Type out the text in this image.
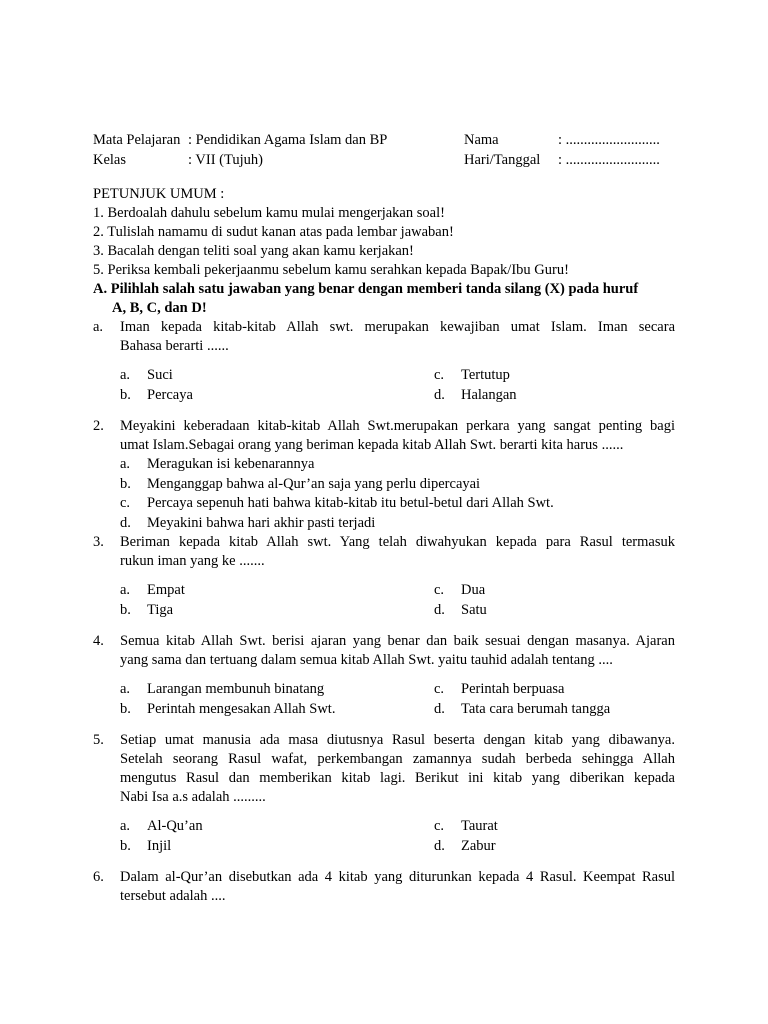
Mata Pelajaran : Pendidikan Agama Islam dan BP	Nama	: ..........................
Kelas	: VII (Tujuh)	Hari/Tanggal	: ..........................
PETUNJUK UMUM :
1. Berdoalah dahulu sebelum kamu mulai mengerjakan soal!
2. Tulislah namamu di sudut kanan atas pada lembar jawaban!
3. Bacalah dengan teliti soal yang akan kamu kerjakan!
5. Periksa kembali pekerjaanmu sebelum kamu serahkan kepada Bapak/Ibu Guru!
A. Pilihlah salah satu jawaban yang benar dengan memberi tanda silang (X) pada huruf
A, B, C, dan D!
a.	Iman kepada kitab-kitab Allah swt. merupakan kewajiban umat Islam. Iman secara
Bahasa berarti ......
a.	Suci	c.	Tertutup
b.	Percaya	d.	Halangan
2.	Meyakini keberadaan kitab-kitab Allah Swt.merupakan perkara yang sangat penting bagi
umat Islam.Sebagai orang yang beriman kepada kitab Allah Swt. berarti kita harus ......
a.	Meragukan isi kebenarannya
b.	Menganggap bahwa al-Qur’an saja yang perlu dipercayai
c.	Percaya sepenuh hati bahwa kitab-kitab itu betul-betul dari Allah Swt.
d.	Meyakini bahwa hari akhir pasti terjadi
3.	Beriman kepada kitab Allah swt. Yang telah diwahyukan kepada para Rasul termasuk
rukun iman yang ke .......
a.	Empat	c.	Dua
b.	Tiga	d.	Satu
4.	Semua kitab Allah Swt. berisi ajaran yang benar dan baik sesuai dengan masanya. Ajaran
yang sama dan tertuang dalam semua kitab Allah Swt. yaitu tauhid adalah tentang ....
a.	Larangan membunuh binatang	c.	Perintah berpuasa
b.	Perintah mengesakan Allah Swt.	d.	Tata cara berumah tangga
5.	Setiap umat manusia ada masa diutusnya Rasul beserta dengan kitab yang dibawanya.
Setelah seorang Rasul wafat, perkembangan zamannya sudah berbeda sehingga Allah
mengutus Rasul dan memberikan kitab lagi. Berikut ini kitab yang diberikan kepada
Nabi Isa a.s adalah .........
a.	Al-Qu’an	c.	Taurat
b.	Injil	d.	Zabur
6.	Dalam al-Qur’an disebutkan ada 4 kitab yang diturunkan kepada 4 Rasul. Keempat Rasul
tersebut adalah ....
